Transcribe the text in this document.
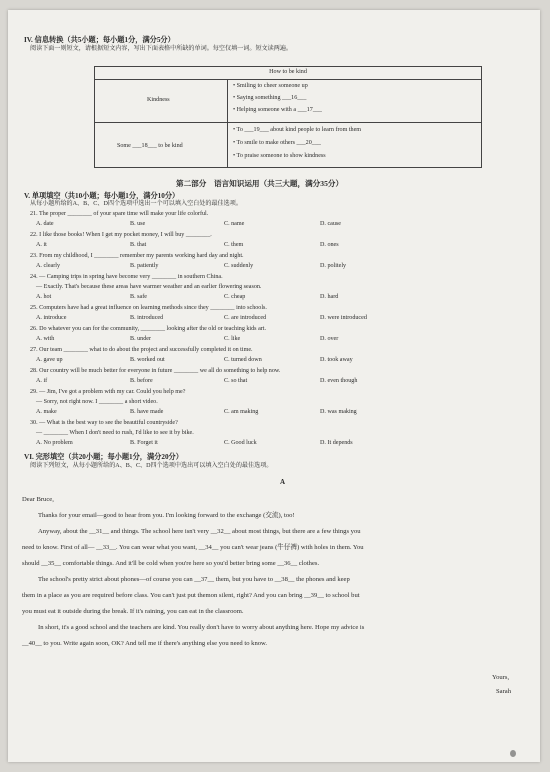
IV. 信息转换（共5小题；每小题1分，满分5分）
阅读下面一则短文，请根据短文内容，写出下面表格中所缺的单词。每空仅填一词。短文读两遍。
How to be kind
Kindness
• Smiling to cheer someone up
• Saying something ___16___
• Helping someone with a ___17___
Some ___18___ to be kind
• To ___19___ about kind people to learn from them
• To smile to make others ___20___
• To praise someone to show kindness
第二部分　语言知识运用（共三大题，满分35分）
V. 单项填空（共10小题；每小题1分，满分10分）
从每小题所给的A、B、C、D四个选项中选出一个可以填入空白处的最佳选项。
21. The proper ________ of your spare time will make your life colorful.
A. date	B. use	C. name	D. cause
22. I like those books! When I get my pocket money, I will buy ________.
A. it	B. that	C. them	D. ones
23. From my childhood, I ________ remember my parents working hard day and night.
A. clearly	B. patiently	C. suddenly	D. politely
24. — Camping trips in spring have become very ________ in southern China.
— Exactly. That's because these areas have warmer weather and an earlier flowering season.
A. hot	B. safe	C. cheap	D. hard
25. Computers have had a great influence on learning methods since they ________ into schools.
A. introduce	B. introduced	C. are introduced	D. were introduced
26. Do whatever you can for the community, ________ looking after the old or teaching kids art.
A. with	B. under	C. like	D. over
27. Our team ________ what to do about the project and successfully completed it on time.
A. gave up	B. worked out	C. turned down	D. took away
28. Our country will be much better for everyone in future ________ we all do something to help now.
A. if	B. before	C. so that	D. even though
29. — Jim, I've got a problem with my car. Could you help me?
— Sorry, not right now. I ________ a short video.
A. make	B. have made	C. am making	D. was making
30. — What is the best way to see the beautiful countryside?
— ________ When I don't need to rush, I'd like to see it by bike.
A. No problem	B. Forget it	C. Good luck	D. It depends
VI. 完形填空（共20小题；每小题1分，满分20分）
阅读下列短文，从每小题所给的A、B、C、D四个选项中选出可以填入空白处的最佳选项。
A
Dear Bruce,
Thanks for your email—good to hear from you. I'm looking forward to the exchange (交流), too!
Anyway, about the __31__ and things. The school here isn't very __32__ about most things, but there are a few things you
need to know. First of all— __33__. You can wear what you want, __34__ you can't wear jeans (牛仔裤) with holes in them. You
should __35__ comfortable things. And it'll be cold when you're here so you'd better bring some __36__ clothes.
The school's pretty strict about phones—of course you can __37__ them, but you have to __38__ the phones and keep
them in a place as you are required before class. You can't just put themon silent, right? And you can bring __39__ to school but
you must eat it outside during the break. If it's raining, you can eat in the classroom.
In short, it's a good school and the teachers are kind. You really don't have to worry about anything here. Hope my advice is
__40__ to you. Write again soon, OK? And tell me if there's anything else you need to know.
Yours,
Sarah
